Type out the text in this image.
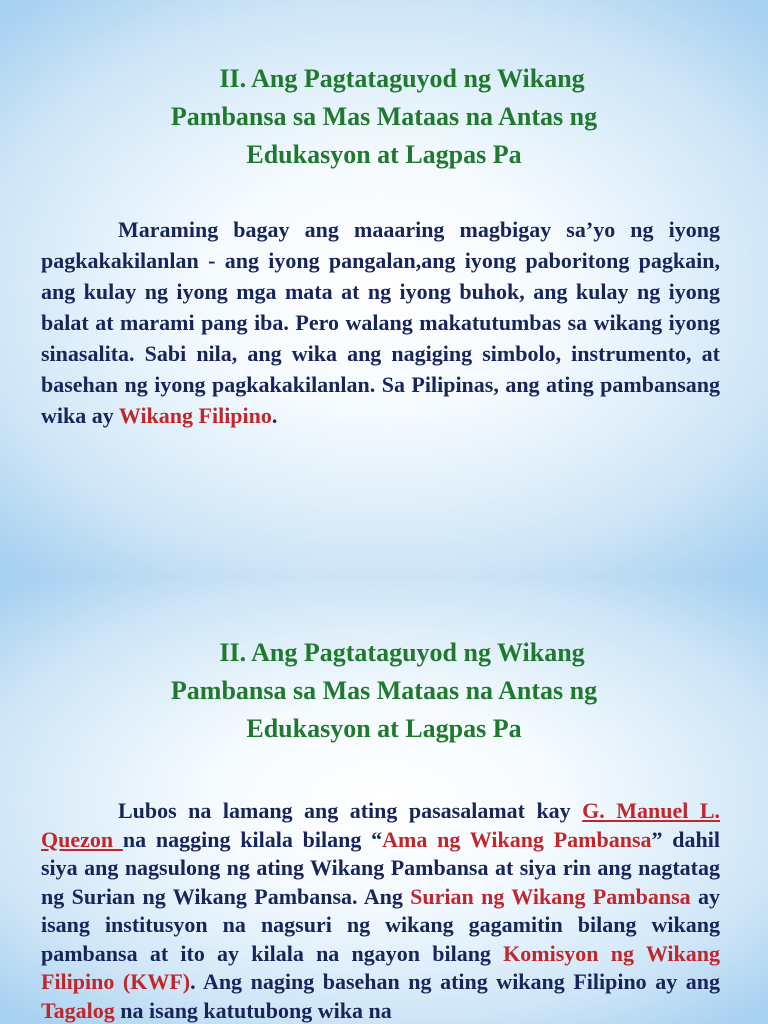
II. Ang Pagtataguyod ng Wikang
Pambansa sa Mas Mataas na Antas ng
Edukasyon at Lagpas Pa

Maraming bagay ang maaaring magbigay sa’yo ng iyong pagkakakilanlan - ang iyong pangalan,ang iyong paboritong pagkain, ang kulay ng iyong mga mata at ng iyong buhok, ang kulay ng iyong balat at marami pang iba. Pero walang makatutumbas sa wikang iyong sinasalita. Sabi nila, ang wika ang nagiging simbolo, instrumento, at basehan ng iyong pagkakakilanlan. Sa Pilipinas, ang ating pambansang wika ay Wikang Filipino.

II. Ang Pagtataguyod ng Wikang
Pambansa sa Mas Mataas na Antas ng
Edukasyon at Lagpas Pa

Lubos na lamang ang ating pasasalamat kay G. Manuel L. Quezon na nagging kilala bilang “Ama ng Wikang Pambansa” dahil siya ang nagsulong ng ating Wikang Pambansa at siya rin ang nagtatag ng Surian ng Wikang Pambansa. Ang Surian ng Wikang Pambansa ay isang institusyon na nagsuri ng wikang gagamitin bilang wikang pambansa at ito ay kilala na ngayon bilang Komisyon ng Wikang Filipino (KWF). Ang naging basehan ng ating wikang Filipino ay ang Tagalog na isang katutubong wika na
